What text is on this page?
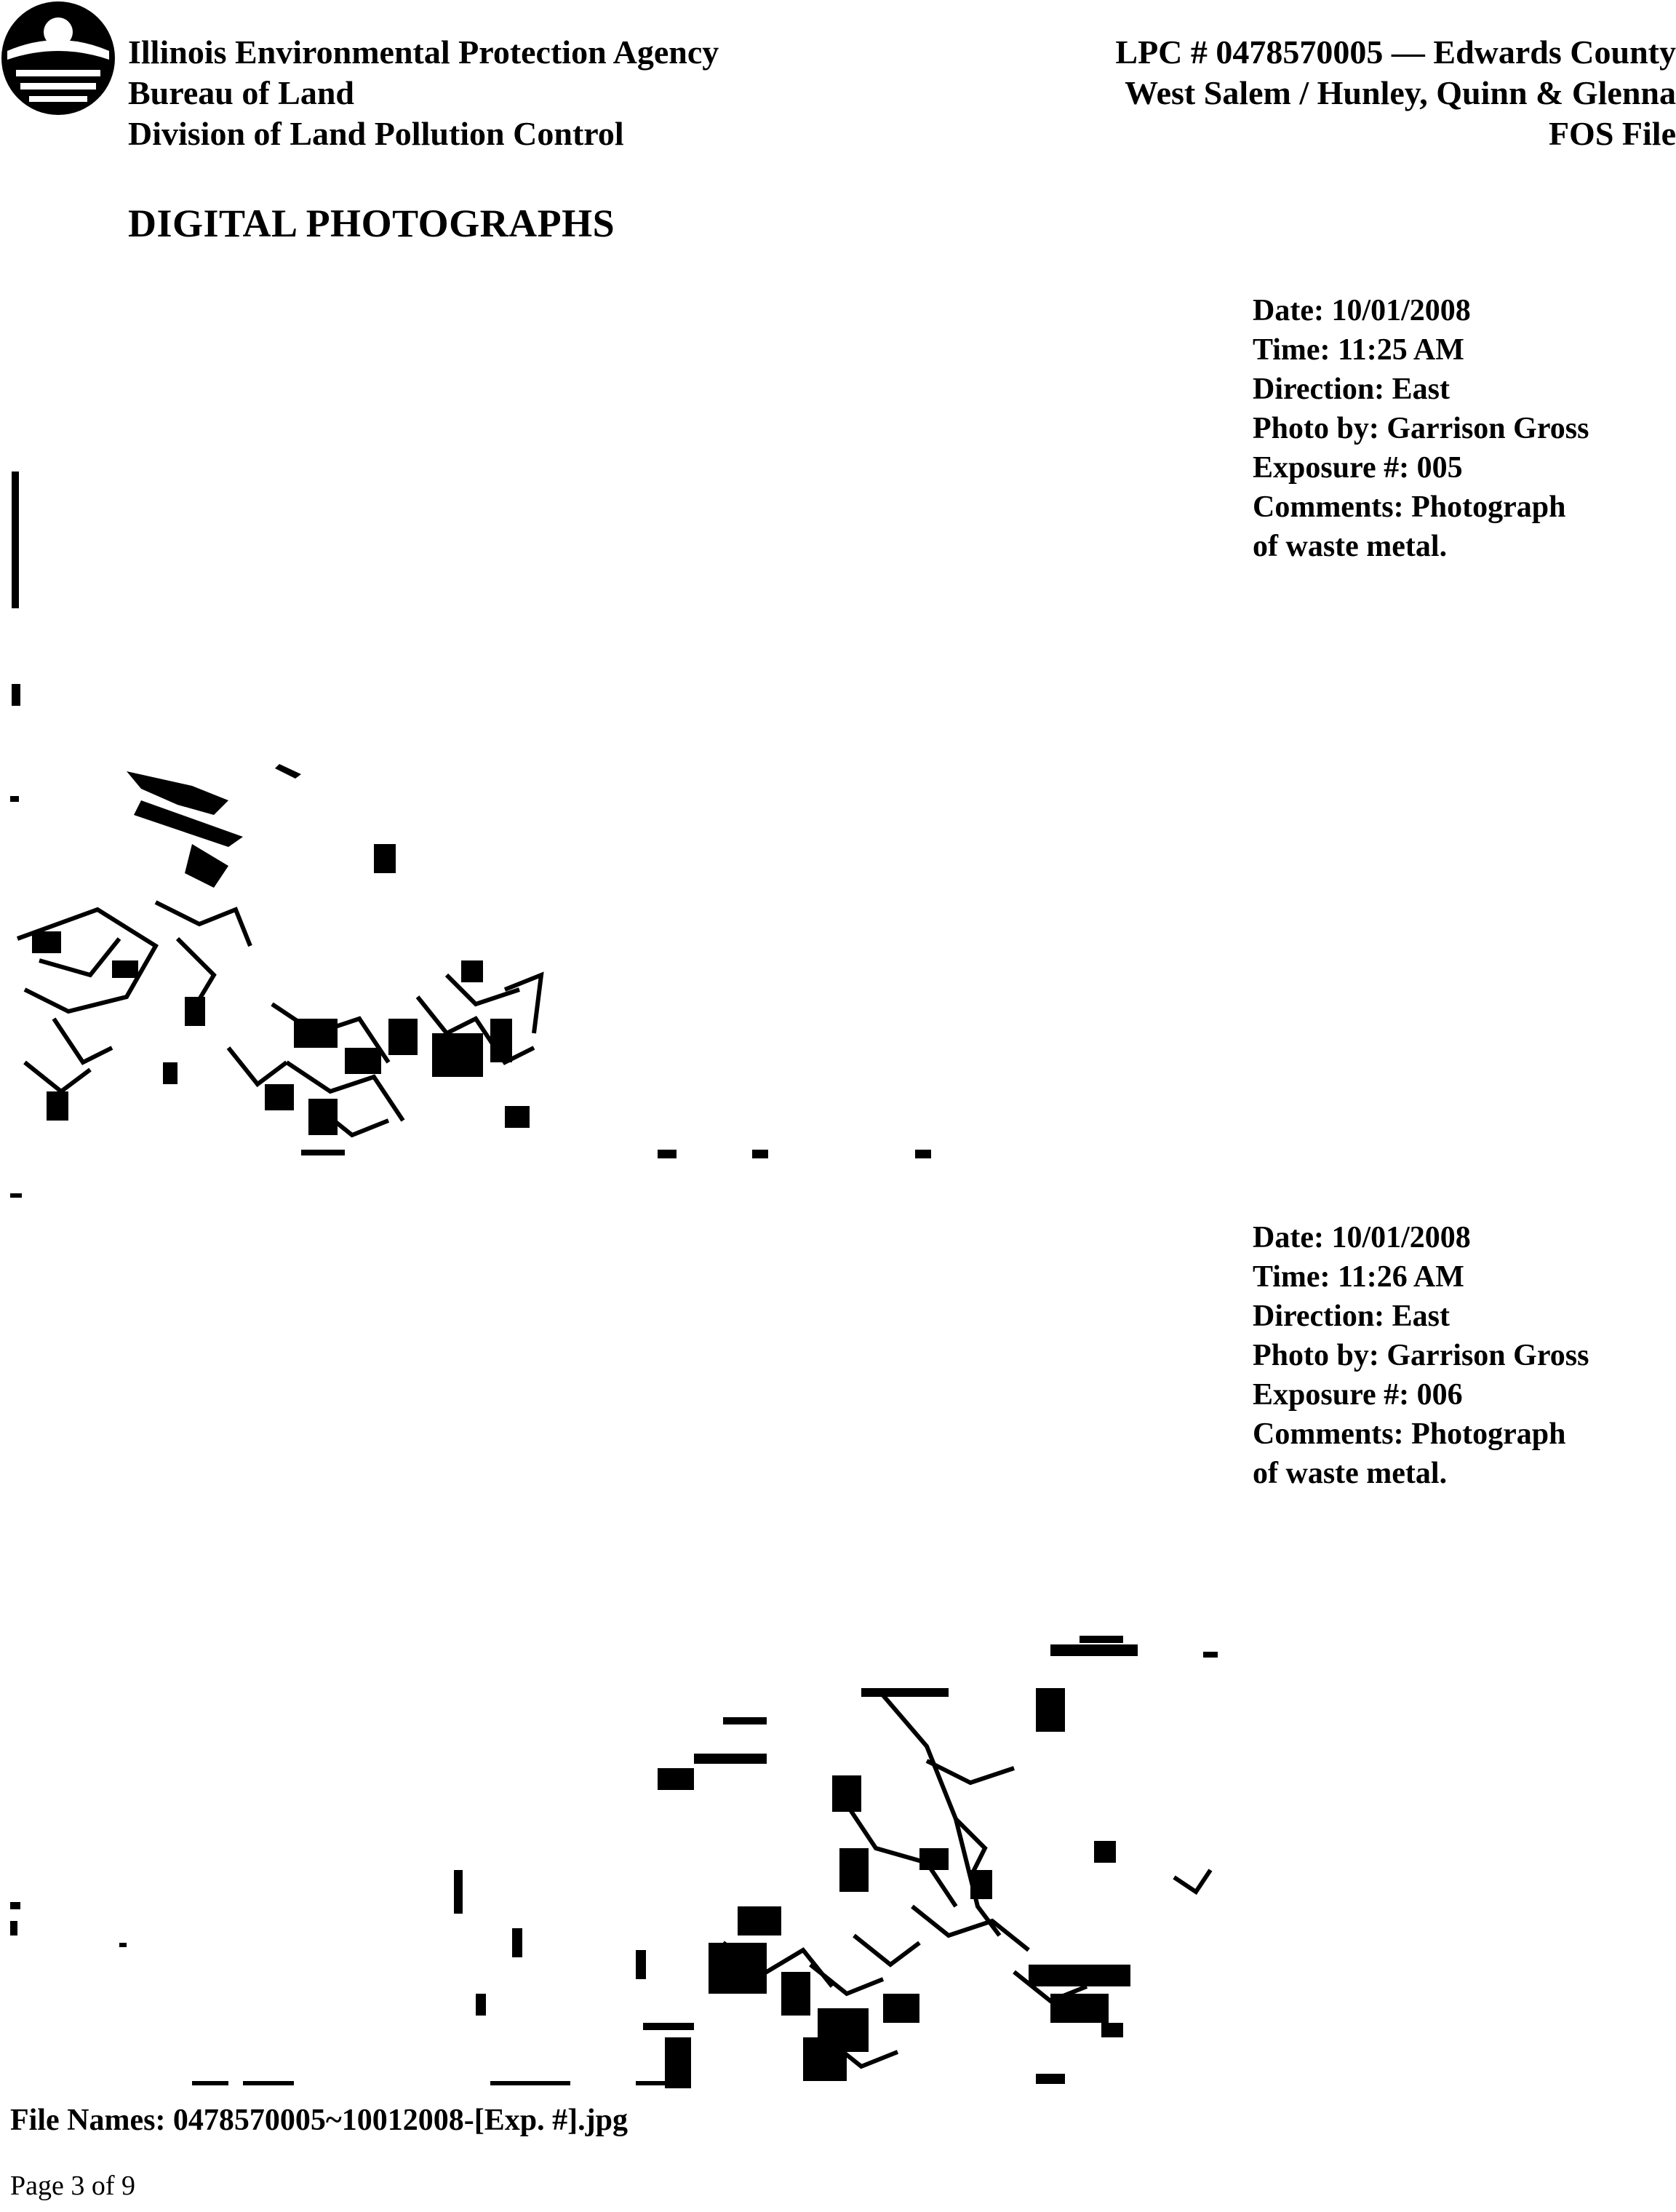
Illinois Environmental Protection Agency
Bureau of Land
Division of Land Pollution Control
LPC # 0478570005 — Edwards County
West Salem / Hunley, Quinn & Glenna
FOS File
DIGITAL PHOTOGRAPHS
Date: 10/01/2008
Time: 11:25 AM
Direction: East
Photo by: Garrison Gross
Exposure #: 005
Comments: Photograph
of waste metal.
Date: 10/01/2008
Time: 11:26 AM
Direction: East
Photo by: Garrison Gross
Exposure #: 006
Comments: Photograph
of waste metal.
File Names: 0478570005~10012008-[Exp. #].jpg
Page 3 of 9
